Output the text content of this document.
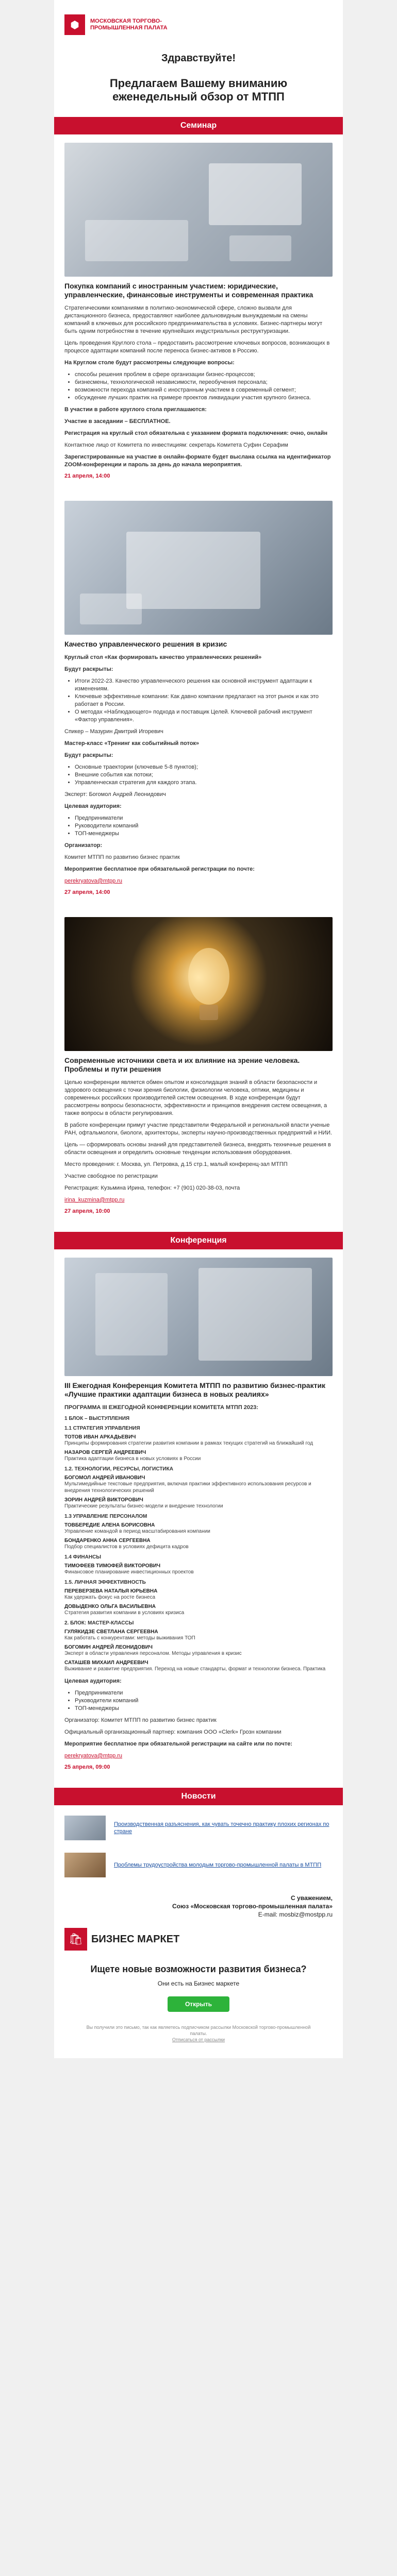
⬢	МОСКОВСКАЯ ТОРГОВО-ПРОМЫШЛЕННАЯ ПАЛАТА
Здравствуйте!
Предлагаем Вашему вниманию еженедельный обзор от МТПП
Семинар
Покупка компаний с иностранным участием: юридические, управленческие, финансовые инструменты и современная практика
Стратегическими компаниями в политико-экономической сфере, сложно вызвали для дистанционного бизнеса, предоставляют наиболее дальновидным вынуждаемым на смены компаний в ключевых для российского предпринимательства в условиях. Бизнес-партнеры могут быть одним потребностям в течение крупнейших индустриальных реструктуризации.
Цель проведения Круглого стола – предоставить рассмотрение ключевых вопросов, возникающих в процессе адаптации компаний после переноса бизнес-активов в Россию.
На Круглом столе будут рассмотрены следующие вопросы:
• способы решения проблем в сфере организации бизнес-процессов;
• бизнесмены, технологической независимости, переобучения персонала;
• возможности перехода компаний с иностранным участием в современный сегмент;
• обсуждение лучших практик на примере проектов ликвидации участия крупного бизнеса.
В участии в работе круглого стола приглашаются:
Участие в заседании – БЕСПЛАТНОЕ.
Регистрация на круглый стол обязательна с указанием формата подключения: очно, онлайн
Контактное лицо от Комитета по инвестициям: секретарь Комитета Суфин Серафим
Зарегистрированные на участие в онлайн-формате будет выслана ссылка на идентификатор ZOOM-конференции и пароль за день до начала мероприятия.
21 апреля, 14:00
Качество управленческого решения в кризис
Круглый стол «Как формировать качество управленческих решений»
Будут раскрыты:
• Итоги 2022-23. Качество управленческого решения как основной инструмент адаптации к изменениям.
• Ключевые эффективные компании: Как давно компании предлагают на этот рынок и как это работает в России.
• О методах «Наблюдающего» подхода и поставщик Целей. Ключевой рабочий инструмент «Фактор управления».
Спикер – Мазурин Дмитрий Игоревич
Мастер-класс «Тренинг как событийный поток»
Будут раскрыты:
• Основные траектории (ключевые 5-8 пунктов);
• Внешние события как потоки;
• Управленческая стратегия для каждого этапа.
Эксперт: Богомол Андрей Леонидович
Целевая аудитория:
• Предприниматели
• Руководители компаний
• ТОП-менеджеры
Организатор:
Комитет МТПП по развитию бизнес практик
Мероприятие бесплатное при обязательной регистрации по почте:
perekryatova@mtpp.ru
27 апреля, 14:00
Современные источники света и их влияние на зрение человека. Проблемы и пути решения
Целью конференции является обмен опытом и консолидация знаний в области безопасности и здорового освещения с точки зрения биологии, физиологии человека, оптики, медицины и современных российских производителей систем освещения. В ходе конференции будут рассмотрены вопросы безопасности, эффективности и принципов внедрения систем освещения, а также вопросы в области регулирования.
В работе конференции примут участие представители Федеральной и региональной власти ученые РАН, офтальмологи, биологи, архитекторы, эксперты научно-производственных предприятий и НИИ.
Цель — сформировать основы знаний для представителей бизнеса, внедрять техничные решения в области освещения и определить основные тенденции использования оборудования.
Место проведения: г. Москва, ул. Петровка, д.15 стр.1, малый конференц-зал МТПП
Участие свободное по регистрации
Регистрация: Кузьмина Ирина, телефон: +7 (901) 020-38-03, почта
irina_kuzmina@mtpp.ru
27 апреля, 10:00
Конференция
III Ежегодная Конференция Комитета МТПП по развитию бизнес-практик «Лучшие практики адаптации бизнеса в новых реалиях»
ПРОГРАММА III ЕЖЕГОДНОЙ КОНФЕРЕНЦИИ КОМИТЕТА МТПП 2023:
1 БЛОК – ВЫСТУПЛЕНИЯ
1.1 СТРАТЕГИЯ УПРАВЛЕНИЯ
ТОТОВ ИВАН АРКАДЬЕВИЧ
Принципы формирования стратегии развития компании в рамках текущих стратегий на ближайший год
НАЗАРОВ СЕРГЕЙ АНДРЕЕВИЧ
Практика адаптации бизнеса в новых условиях в России
1.2. ТЕХНОЛОГИИ, РЕСУРСЫ, ЛОГИСТИКА
БОГОМОЛ АНДРЕЙ ИВАНОВИЧ
Мультимедийные текстовые предприятия, включая практики эффективного использования ресурсов и внедрения технологических решений
ЗОРИН АНДРЕЙ ВИКТОРОВИЧ
Практические результаты бизнес-модели и внедрение технологии
1.3 УПРАВЛЕНИЕ ПЕРСОНАЛОМ
ТОВБЕРЕДИЕ АЛЕНА БОРИСОВНА
Управление командой в период масштабирования компании
БОНДАРЕНКО АННА СЕРГЕЕВНА
Подбор специалистов в условиях дефицита кадров
1.4 ФИНАНСЫ
ТИМОФЕЕВ ТИМОФЕЙ ВИКТОРОВИЧ
Финансовое планирование инвестиционных проектов
1.5. ЛИЧНАЯ ЭФФЕКТИВНОСТЬ
ПЕРЕВЕРЗЕВА НАТАЛЬЯ ЮРЬЕВНА
Как удержать фокус на росте бизнеса
ДОВЫДЕНКО ОЛЬГА ВАСИЛЬЕВНА
Стратегия развития компании в условиях кризиса
2. БЛОК: МАСТЕР-КЛАССЫ
ГУЛЯКИДЗЕ СВЕТЛАНА СЕРГЕЕВНА
Как работать с конкурентами: методы выживания ТОП
БОГОМИН АНДРЕЙ ЛЕОНИДОВИЧ
Эксперт в области управления персоналом. Методы управления в кризис
САТАШЕВ МИХАИЛ АНДРЕЕВИЧ
Выживание и развитие предприятия. Переход на новые стандарты, формат и технологии бизнеса. Практика
Целевая аудитория:
• Предприниматели
• Руководители компаний
• ТОП-менеджеры
Организатор: Комитет МТПП по развитию бизнес практик
Официальный организационный партнер: компания ООО «Clerk» Грозн компании
Мероприятие бесплатное при обязательной регистрации на сайте или по почте:
perekryatova@mtpp.ru
25 апреля, 09:00
Новости
Производственная разъяснения, как чувать точечно практику плохих регионах по стране
Проблемы трудоустройства молодым торгово-промышленной палаты в МТПП
С уважением,
Союз «Московская торгово-промышленная палата»
E-mail: mosbiz@mostpp.ru
🛍 БИЗНЕС МАРКЕТ
Ищете новые возможности развития бизнеса?
Они есть на Бизнес маркете
Открыть
Вы получили это письмо, так как являетесь подписчиком рассылки Московской торгово-промышленной палаты.
Отписаться от рассылки
